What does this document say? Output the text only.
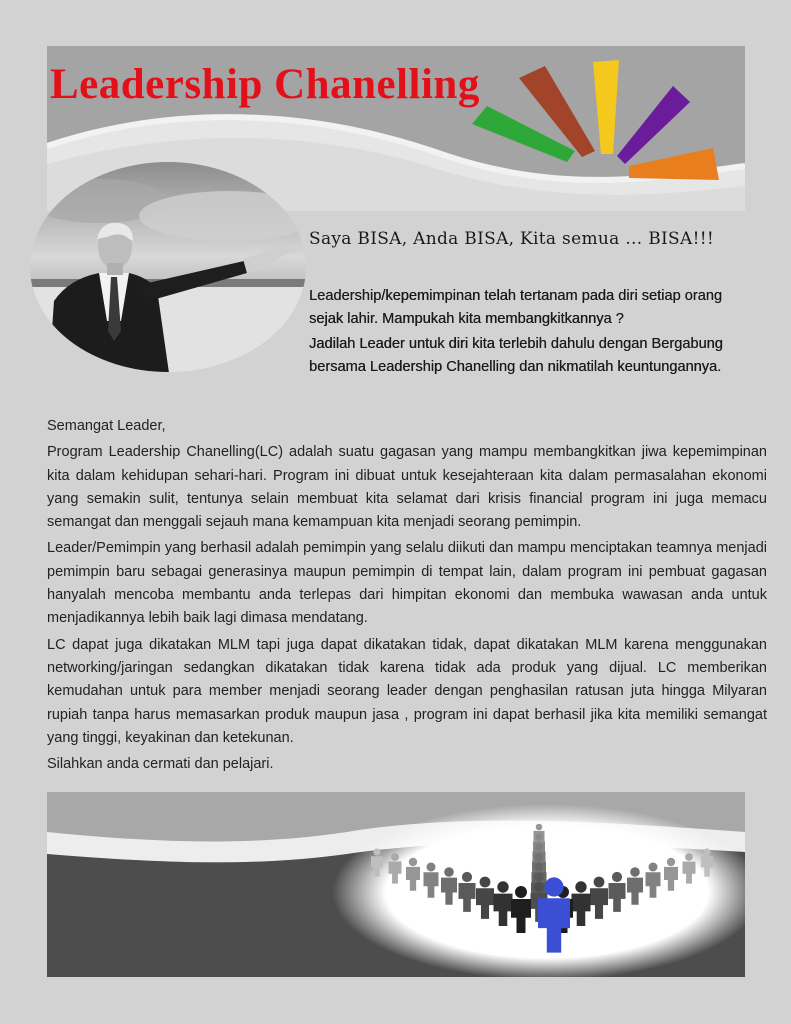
Leadership Chanelling

Saya BISA, Anda BISA, Kita semua … BISA!!!

Leadership/kepemimpinan telah tertanam pada diri setiap orang sejak lahir. Mampukah kita membangkitkannya ?

Jadilah Leader untuk diri kita terlebih dahulu dengan Bergabung bersama Leadership Chanelling dan nikmatilah keuntungannya.

Semangat Leader,

Program Leadership Chanelling(LC) adalah suatu gagasan yang mampu membangkitkan jiwa kepemimpinan kita dalam kehidupan sehari-hari. Program ini dibuat untuk kesejahteraan kita dalam permasalahan ekonomi yang semakin sulit, tentunya selain membuat kita selamat dari krisis financial program ini juga memacu semangat dan menggali sejauh mana kemampuan kita menjadi seorang pemimpin.

Leader/Pemimpin yang berhasil adalah pemimpin yang selalu diikuti dan mampu menciptakan teamnya menjadi pemimpin baru sebagai generasinya maupun pemimpin di tempat lain, dalam program ini pembuat gagasan hanyalah mencoba membantu anda terlepas dari himpitan ekonomi dan membuka wawasan anda untuk menjadikannya lebih baik lagi dimasa mendatang.

LC dapat juga dikatakan MLM tapi juga dapat dikatakan tidak, dapat dikatakan MLM karena menggunakan networking/jaringan sedangkan dikatakan tidak karena tidak ada produk yang dijual. LC memberikan kemudahan untuk para member menjadi seorang leader dengan penghasilan ratusan juta hingga Milyaran rupiah tanpa harus memasarkan produk maupun jasa , program ini dapat berhasil jika kita memiliki semangat yang tinggi, keyakinan dan ketekunan.

Silahkan anda cermati dan pelajari.
